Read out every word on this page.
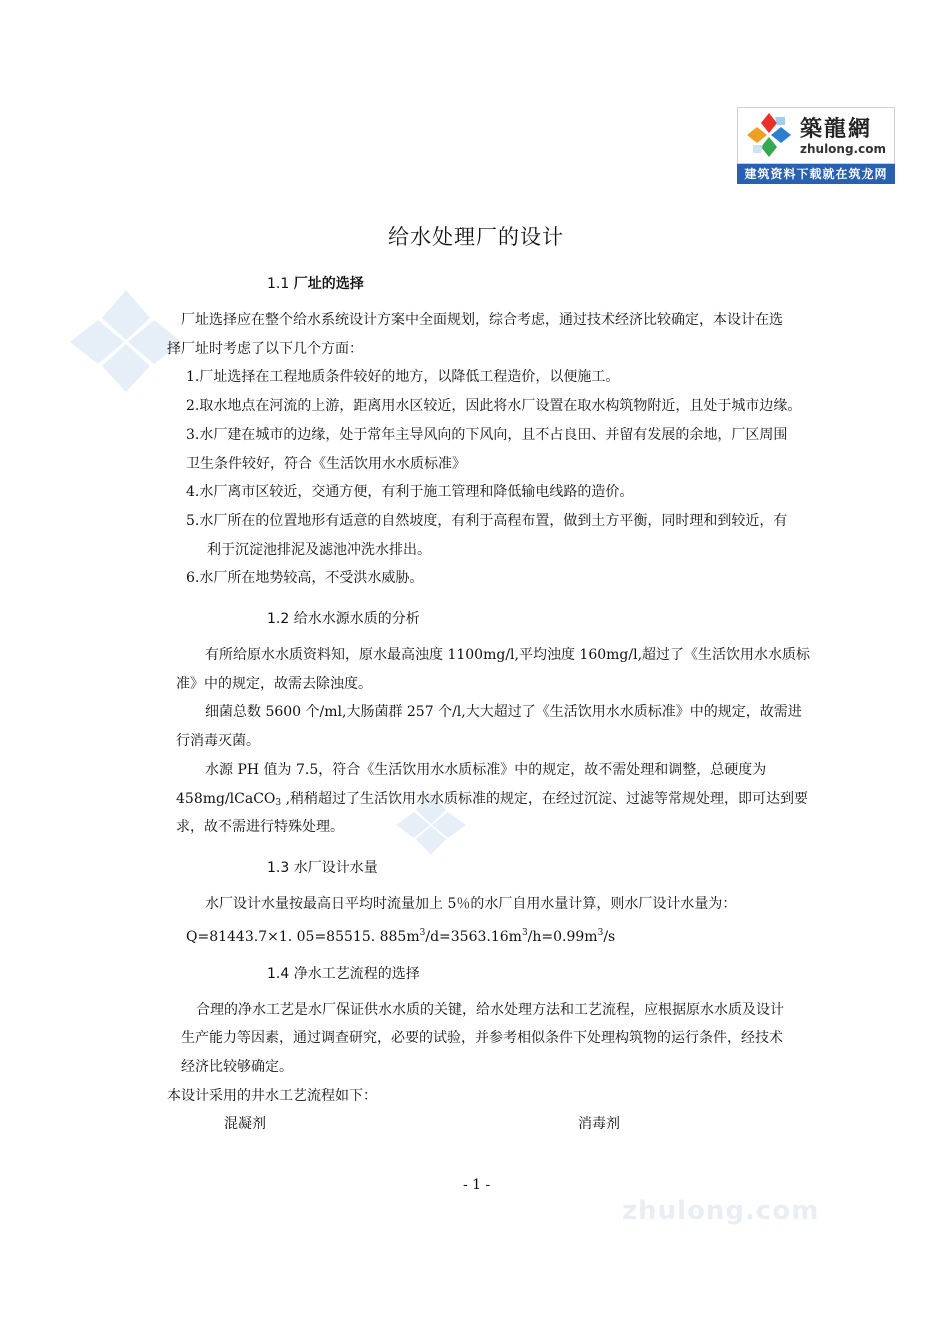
築龍網
zhulong.com
建筑资料下载就在筑龙网
给水处理厂的设计
1.1 厂址的选择
厂址选择应在整个给水系统设计方案中全面规划，综合考虑，通过技术经济比较确定，本设计在选
择厂址时考虑了以下几个方面：
1.厂址选择在工程地质条件较好的地方，以降低工程造价，以便施工。
2.取水地点在河流的上游，距离用水区较近，因此将水厂设置在取水构筑物附近，且处于城市边缘。
3.水厂建在城市的边缘，处于常年主导风向的下风向，且不占良田、并留有发展的余地，厂区周围
卫生条件较好，符合《生活饮用水水质标准》
4.水厂离市区较近，交通方便，有利于施工管理和降低输电线路的造价。
5.水厂所在的位置地形有适意的自然坡度，有利于高程布置，做到土方平衡，同时理和到较近，有
利于沉淀池排泥及滤池冲洗水排出。
6.水厂所在地势较高，不受洪水威胁。
1.2 给水水源水质的分析
有所给原水水质资料知，原水最高浊度 1100mg/l,平均浊度 160mg/l,超过了《生活饮用水水质标
准》中的规定，故需去除浊度。
细菌总数 5600 个/ml,大肠菌群 257 个/l,大大超过了《生活饮用水水质标准》中的规定，故需进
行消毒灭菌。
水源 PH 值为 7.5，符合《生活饮用水水质标准》中的规定，故不需处理和调整，总硬度为
458mg/lCaCO$_3$ ,稍稍超过了生活饮用水水质标准的规定，在经过沉淀、过滤等常规处理，即可达到要
求，故不需进行特殊处理。
1.3 水厂设计水量
水厂设计水量按最高日平均时流量加上 5％的水厂自用水量计算，则水厂设计水量为：
Q=81443.7×1. 05=85515. $885m^3/d=3563.16m^3/h=0.99m^3/s$
1.4 净水工艺流程的选择
合理的净水工艺是水厂保证供水水质的关键，给水处理方法和工艺流程，应根据原水水质及设计
生产能力等因素，通过调查研究，必要的试验，并参考相似条件下处理构筑物的运行条件，经技术
经济比较够确定。
本设计采用的井水工艺流程如下：
混凝剂	消毒剂
- 1 -
zhulong.com
